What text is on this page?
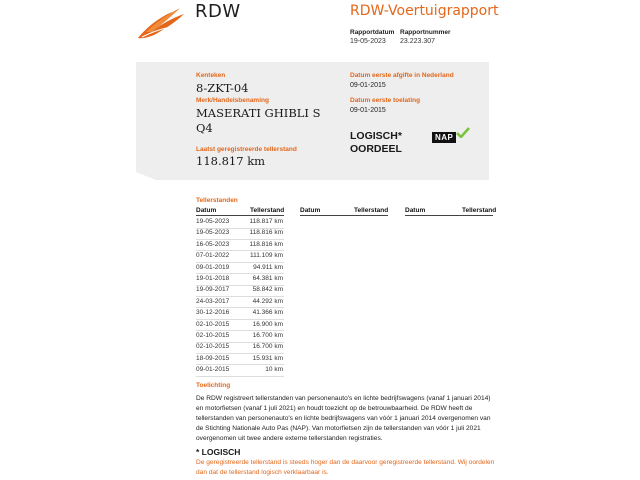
RDW	RDW-Voertuigrapport
Rapportdatum
19-05-2023
Rapportnummer
23.223.307
Kenteken
8-ZKT-04
Merk/Handelsbenaming
MASERATI GHIBLI S
Q4
Laatst geregistreerde tellerstand
118.817 km
Datum eerste afgifte in Nederland
09-01-2015
Datum eerste toelating
09-01-2015
LOGISCH*
OORDEEL
NAP
Tellerstanden
Datum	Tellerstand Datum	Tellerstand	Datum	Tellerstand
19-05-2023	118.817 km
19-05-2023	118.816 km
16-05-2023	118.816 km
07-01-2022	111.109 km
09-01-2019	94.911 km
19-01-2018	64.381 km
19-09-2017	58.842 km
24-03-2017	44.292 km
30-12-2016	41.366 km
02-10-2015	16.900 km
02-10-2015	16.700 km
02-10-2015	16.700 km
18-09-2015	15.931 km
09-01-2015	10 km
Toelichting
De RDW registreert tellerstanden van personenauto's en lichte bedrijfswagens (vanaf 1 januari 2014) en motorfietsen (vanaf 1 juli 2021) en houdt toezicht op de betrouwbaarheid. De RDW heeft de tellerstanden van personenauto's en lichte bedrijfswagens van vóór 1 januari 2014 overgenomen van de Stichting Nationale Auto Pas (NAP). Van motorfietsen zijn de tellerstanden van vóór 1 juli 2021 overgenomen uit twee andere externe tellerstanden registraties.
* LOGISCH
De geregistreerde tellerstand is steeds hoger dan de daarvoor geregistreerde tellerstand. Wij oordelen dan dat de tellerstand logisch verklaarbaar is.
